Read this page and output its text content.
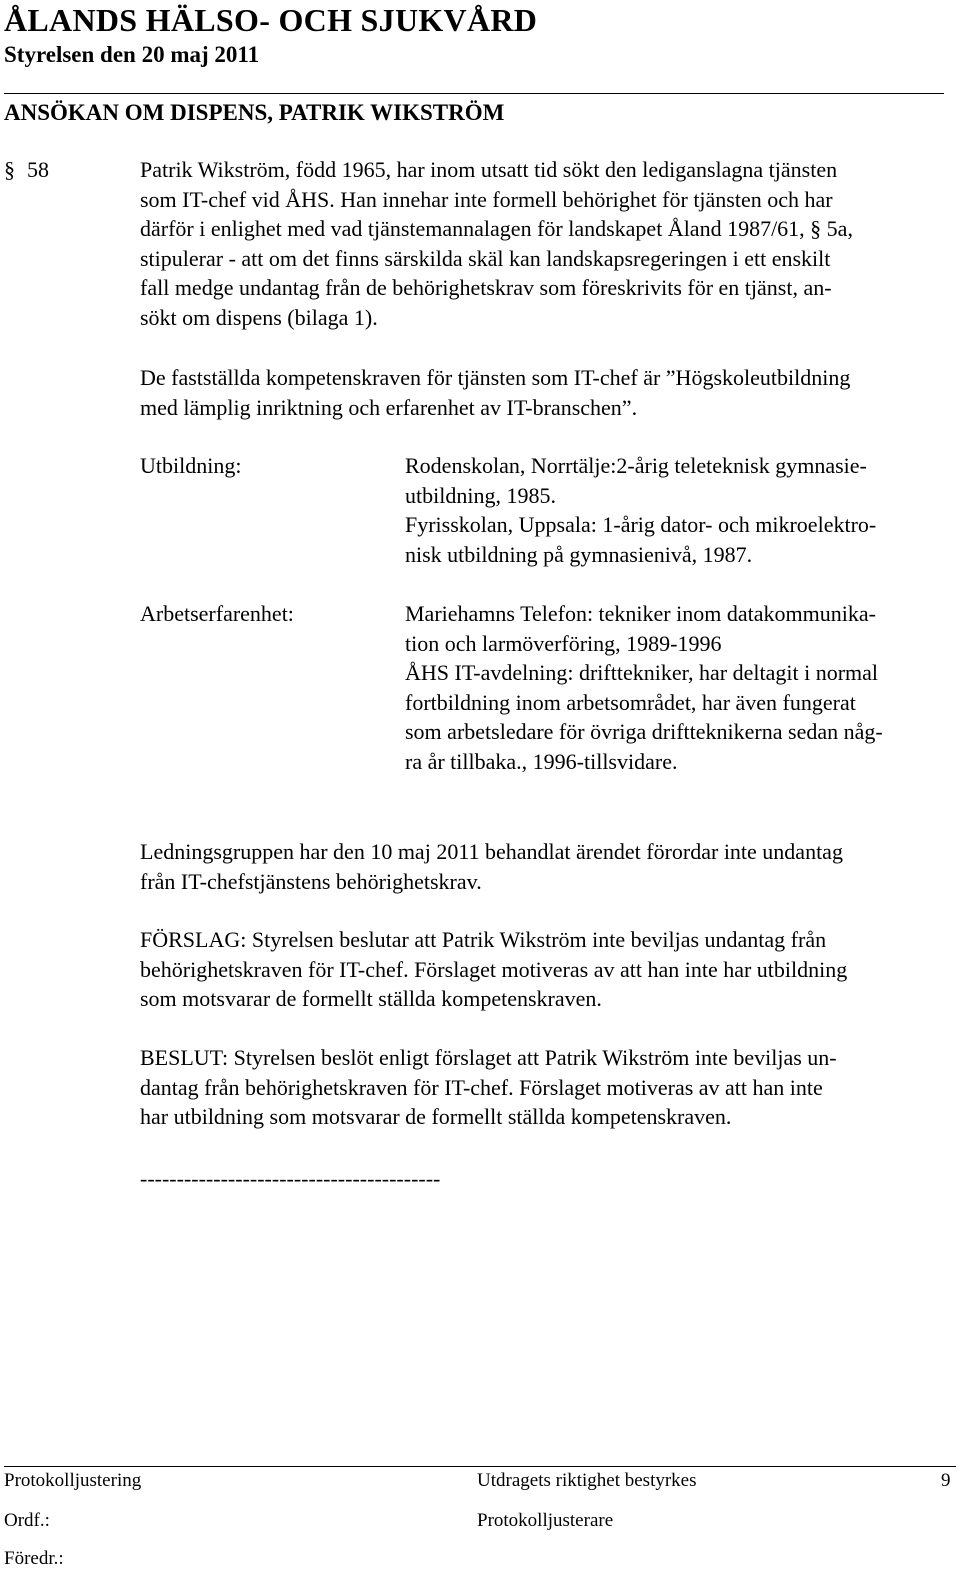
ÅLANDS HÄLSO- OCH SJUKVÅRD
Styrelsen den 20 maj 2011
ANSÖKAN OM DISPENS, PATRIK WIKSTRÖM
§ 58	Patrik Wikström, född 1965, har inom utsatt tid sökt den lediganslagna tjänsten
som IT-chef vid ÅHS. Han innehar inte formell behörighet för tjänsten och har
därför i enlighet med vad tjänstemannalagen för landskapet Åland 1987/61, § 5a,
stipulerar - att om det finns särskilda skäl kan landskapsregeringen i ett enskilt
fall medge undantag från de behörighetskrav som föreskrivits för en tjänst, an-
sökt om dispens (bilaga 1).
De fastställda kompetenskraven för tjänsten som IT-chef är ”Högskoleutbildning
med lämplig inriktning och erfarenhet av IT-branschen”.
Utbildning:	Rodenskolan, Norrtälje:2-årig teleteknisk gymnasie-
utbildning, 1985.
Fyrisskolan, Uppsala: 1-årig dator- och mikroelektro-
nisk utbildning på gymnasienivå, 1987.
Arbetserfarenhet:	Mariehamns Telefon: tekniker inom datakommunika-
tion och larmöverföring, 1989-1996
ÅHS IT-avdelning: drifttekniker, har deltagit i normal
fortbildning inom arbetsområdet, har även fungerat
som arbetsledare för övriga driftteknikerna sedan någ-
ra år tillbaka., 1996-tillsvidare.
Ledningsgruppen har den 10 maj 2011 behandlat ärendet förordar inte undantag
från IT-chefstjänstens behörighetskrav.
FÖRSLAG: Styrelsen beslutar att Patrik Wikström inte beviljas undantag från
behörighetskraven för IT-chef. Förslaget motiveras av att han inte har utbildning
som motsvarar de formellt ställda kompetenskraven.
BESLUT: Styrelsen beslöt enligt förslaget att Patrik Wikström inte beviljas un-
dantag från behörighetskraven för IT-chef. Förslaget motiveras av att han inte
har utbildning som motsvarar de formellt ställda kompetenskraven.
-----------------------------------------
Protokolljustering	Utdragets riktighet bestyrkes	9
Ordf.:	Protokolljusterare
Föredr.:
